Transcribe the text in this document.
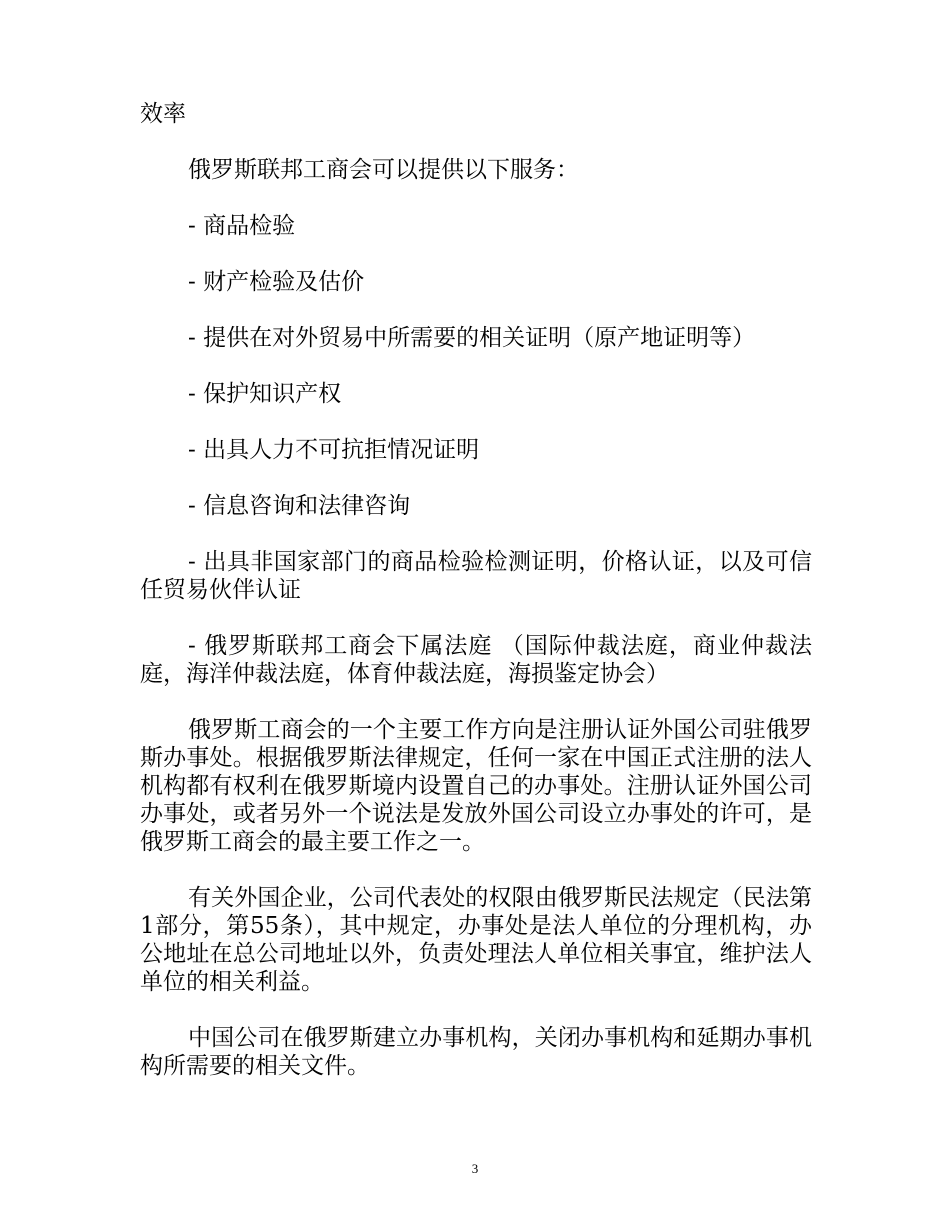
效率

俄罗斯联邦工商会可以提供以下服务：

- 商品检验

- 财产检验及估价

- 提供在对外贸易中所需要的相关证明（原产地证明等）

- 保护知识产权

- 出具人力不可抗拒情况证明

- 信息咨询和法律咨询

- 出具非国家部门的商品检验检测证明，价格认证，以及可信任贸易伙伴认证

- 俄罗斯联邦工商会下属法庭 （国际仲裁法庭，商业仲裁法庭，海洋仲裁法庭，体育仲裁法庭，海损鉴定协会）

俄罗斯工商会的一个主要工作方向是注册认证外国公司驻俄罗斯办事处。根据俄罗斯法律规定，任何一家在中国正式注册的法人机构都有权利在俄罗斯境内设置自己的办事处。注册认证外国公司办事处，或者另外一个说法是发放外国公司设立办事处的许可，是俄罗斯工商会的最主要工作之一。

有关外国企业，公司代表处的权限由俄罗斯民法规定（民法第1部分，第55条），其中规定，办事处是法人单位的分理机构，办公地址在总公司地址以外，负责处理法人单位相关事宜，维护法人单位的相关利益。

中国公司在俄罗斯建立办事机构，关闭办事机构和延期办事机构所需要的相关文件。

3
